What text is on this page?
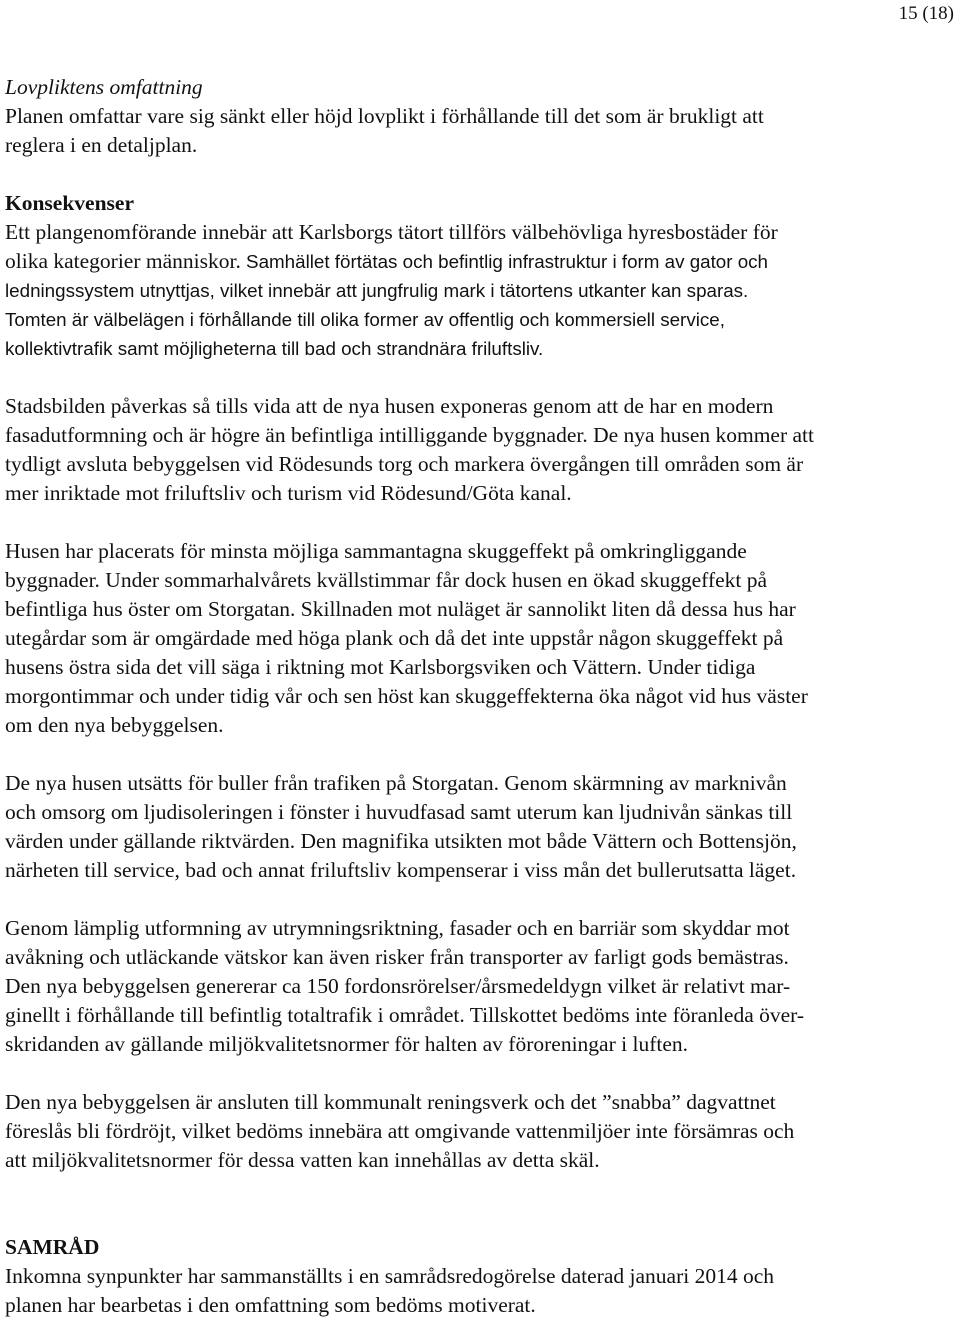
15 (18)
Lovpliktens omfattning
Planen omfattar vare sig sänkt eller höjd lovplikt i förhållande till det som är brukligt att
reglera i en detaljplan.
Konsekvenser
Ett plangenomförande innebär att Karlsborgs tätort tillförs välbehövliga hyresbostäder för
olika kategorier människor. Samhället förtätas och befintlig infrastruktur i form av gator och
ledningssystem utnyttjas, vilket innebär att jungfrulig mark i tätortens utkanter kan sparas.
Tomten är välbelägen i förhållande till olika former av offentlig och kommersiell service,
kollektivtrafik samt möjligheterna till bad och strandnära friluftsliv.
Stadsbilden påverkas så tills vida att de nya husen exponeras genom att de har en modern
fasadutformning och är högre än befintliga intilliggande byggnader. De nya husen kommer att
tydligt avsluta bebyggelsen vid Rödesunds torg och markera övergången till områden som är
mer inriktade mot friluftsliv och turism vid Rödesund/Göta kanal.
Husen har placerats för minsta möjliga sammantagna skuggeffekt på omkringliggande
byggnader. Under sommarhalvårets kvällstimmar får dock husen en ökad skuggeffekt på
befintliga hus öster om Storgatan. Skillnaden mot nuläget är sannolikt liten då dessa hus har
utegårdar som är omgärdade med höga plank och då det inte uppstår någon skuggeffekt på
husens östra sida det vill säga i riktning mot Karlsborgsviken och Vättern. Under tidiga
morgontimmar och under tidig vår och sen höst kan skuggeffekterna öka något vid hus väster
om den nya bebyggelsen.
De nya husen utsätts för buller från trafiken på Storgatan. Genom skärmning av marknivån
och omsorg om ljudisoleringen i fönster i huvudfasad samt uterum kan ljudnivån sänkas till
värden under gällande riktvärden. Den magnifika utsikten mot både Vättern och Bottensjön,
närheten till service, bad och annat friluftsliv kompenserar i viss mån det bullerutsatta läget.
Genom lämplig utformning av utrymningsriktning, fasader och en barriär som skyddar mot
avåkning och utläckande vätskor kan även risker från transporter av farligt gods bemästras.
Den nya bebyggelsen genererar ca 150 fordonsrörelser/årsmedeldygn vilket är relativt mar-
ginellt i förhållande till befintlig totaltrafik i området. Tillskottet bedöms inte föranleda över-
skridanden av gällande miljökvalitetsnormer för halten av föroreningar i luften.
Den nya bebyggelsen är ansluten till kommunalt reningsverk och det ”snabba” dagvattnet
föreslås bli fördröjt, vilket bedöms innebära att omgivande vattenmiljöer inte försämras och
att miljökvalitetsnormer för dessa vatten kan innehållas av detta skäl.
SAMRÅD
Inkomna synpunkter har sammanställts i en samrådsredogörelse daterad januari 2014 och
planen har bearbetas i den omfattning som bedöms motiverat.
